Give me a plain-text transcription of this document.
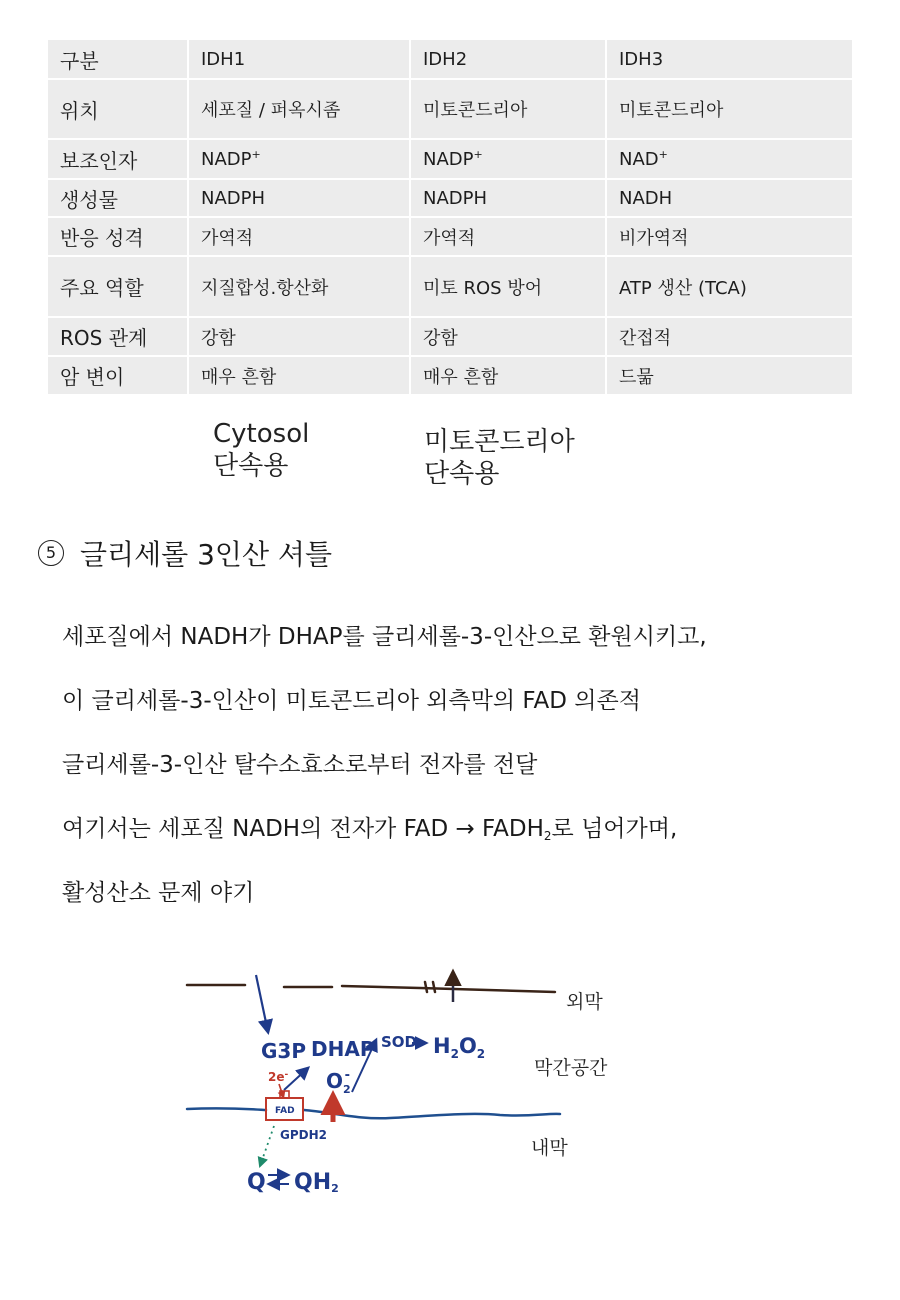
구분	IDH1	IDH2	IDH3
위치	세포질 / 퍼옥시좀	미토콘드리아	미토콘드리아
보조인자	NADP+	NADP+	NAD+
생성물	NADPH	NADPH	NADH
반응 성격	가역적	가역적	비가역적
주요 역할	지질합성.항산화	미토 ROS 방어	ATP 생산 (TCA)
ROS 관계	강함	강함	간접적
암 변이	매우 흔함	매우 흔함	드묾
Cytosol
단속용
미토콘드리아
단속용
5 글리세롤 3인산 셔틀
세포질에서 NADH가 DHAP를 글리세롤-3-인산으로 환원시키고,
이 글리세롤-3-인산이 미토콘드리아 외측막의 FAD 의존적
글리세롤-3-인산 탈수소효소로부터 전자를 전달
여기서는 세포질 NADH의 전자가 FAD → $FADH_2$로 넘어가며,
활성산소 문제 야기
G3P DHAP SOD $H_2O_2$
$O_2-$
2e-
FAD
GPDH2
Q QH2
외막
막간공간
내막
